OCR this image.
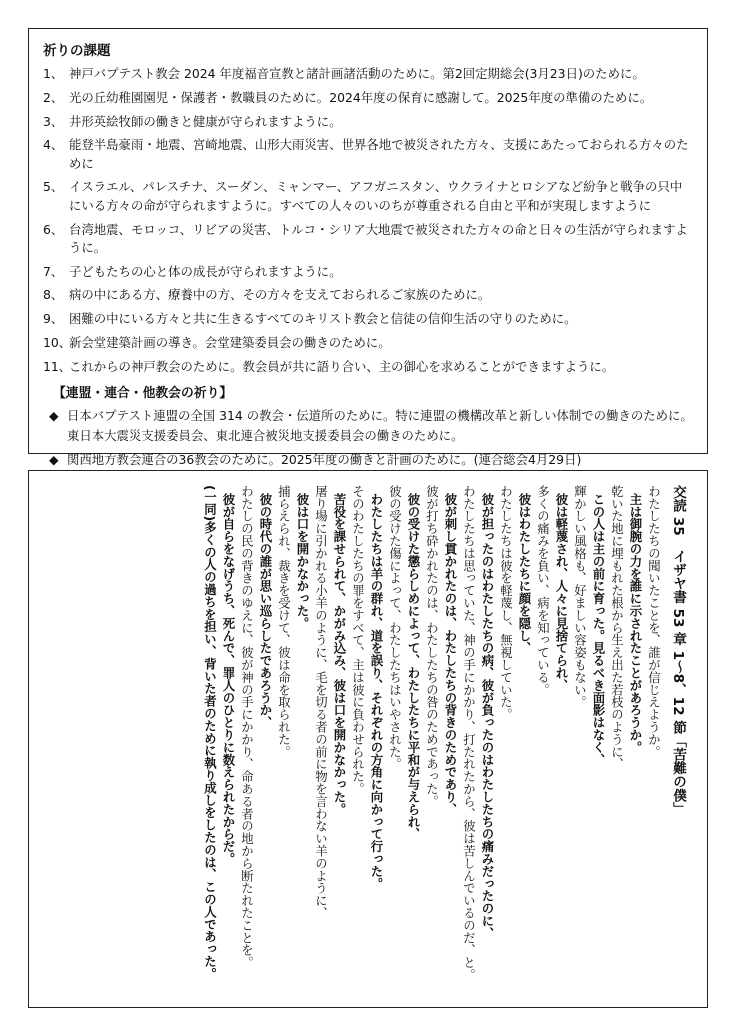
祈りの課題
1、 神戸バプテスト教会 2024 年度福音宣教と諸計画諸活動のために。第2回定期総会(3月23日)のために。
2、 光の丘幼稚園園児・保護者・教職員のために。2024年度の保育に感謝して。2025年度の準備のために。
3、 井形英絵牧師の働きと健康が守られますように。
4、 能登半島豪雨・地震、宮崎地震、山形大雨災害、世界各地で被災された方々、支援にあたっておられる方々のために
5、 イスラエル、パレスチナ、スーダン、ミャンマー、アフガニスタン、ウクライナとロシアなど紛争と戦争の只中にいる方々の命が守られますように。すべての人々のいのちが尊重される自由と平和が実現しますように
6、 台湾地震、モロッコ、リビアの災害、トルコ・シリア大地震で被災された方々の命と日々の生活が守られますように。
7、 子どもたちの心と体の成長が守られますように。
8、 病の中にある方、療養中の方、その方々を支えておられるご家族のために。
9、 困難の中にいる方々と共に生きるすべてのキリスト教会と信徒の信仰生活の守りのために。
10、
新会堂建築計画の導き。会堂建築委員会の働きのために。
11、
これからの神戸教会のために。教会員が共に語り合い、主の御心を求めることができますように。
【連盟・連合・他教会の祈り】
◆ 日本バプテスト連盟の全国 314 の教会・伝道所のために。特に連盟の機構改革と新しい体制での働きのために。東日本大震災支援委員会、東北連合被災地支援委員会の働きのために。
◆ 関西地方教会連合の36教会のために。2025年度の働きと計画のために。(連合総会4月29日)
交読 35　イザヤ書 53 章 1～8、12 節「苦難の僕」
わたしたちの聞いたことを、誰が信じえようか。
主は御腕の力を誰に示されたことがあろうか。
乾いた地に埋もれた根から生え出た若枝のように、
この人は主の前に育った。見るべき面影はなく、
輝かしい風格も、好ましい容姿もない。
彼は軽蔑され、人々に見捨てられ、
多くの痛みを負い、病を知っている。
彼はわたしたちに顔を隠し、
わたしたちは彼を軽蔑し、無視していた。
彼が担ったのはわたしたちの病、彼が負ったのはわたしたちの痛みだったのに、
わたしたちは思っていた、神の手にかかり、打たれたから、彼は苦しんでいるのだ、と。
彼が刺し貫かれたのは、わたしたちの背きのためであり、
彼が打ち砕かれたのは、わたしたちの咎のためであった。
彼の受けた懲らしめによって、わたしたちに平和が与えられ、
彼の受けた傷によって、わたしたちはいやされた。
わたしたちは羊の群れ、道を誤り、それぞれの方角に向かって行った。
そのわたしたちの罪をすべて、主は彼に負わせられた。
苦役を課せられて、かがみ込み、彼は口を開かなかった。
屠り場に引かれる小羊のように、毛を切る者の前に物を言わない羊のように、
彼は口を開かなかった。
捕らえられ、裁きを受けて、彼は命を取られた。
彼の時代の誰が思い巡らしたであろうか、
わたしの民の背きのゆえに、彼が神の手にかかり、命ある者の地から断たれたことを。
彼が自らをなげうち、死んで、罪人のひとりに数えられたからだ。
(一同)多くの人の過ちを担い、背いた者のために執り成しをしたのは、この人であった。
